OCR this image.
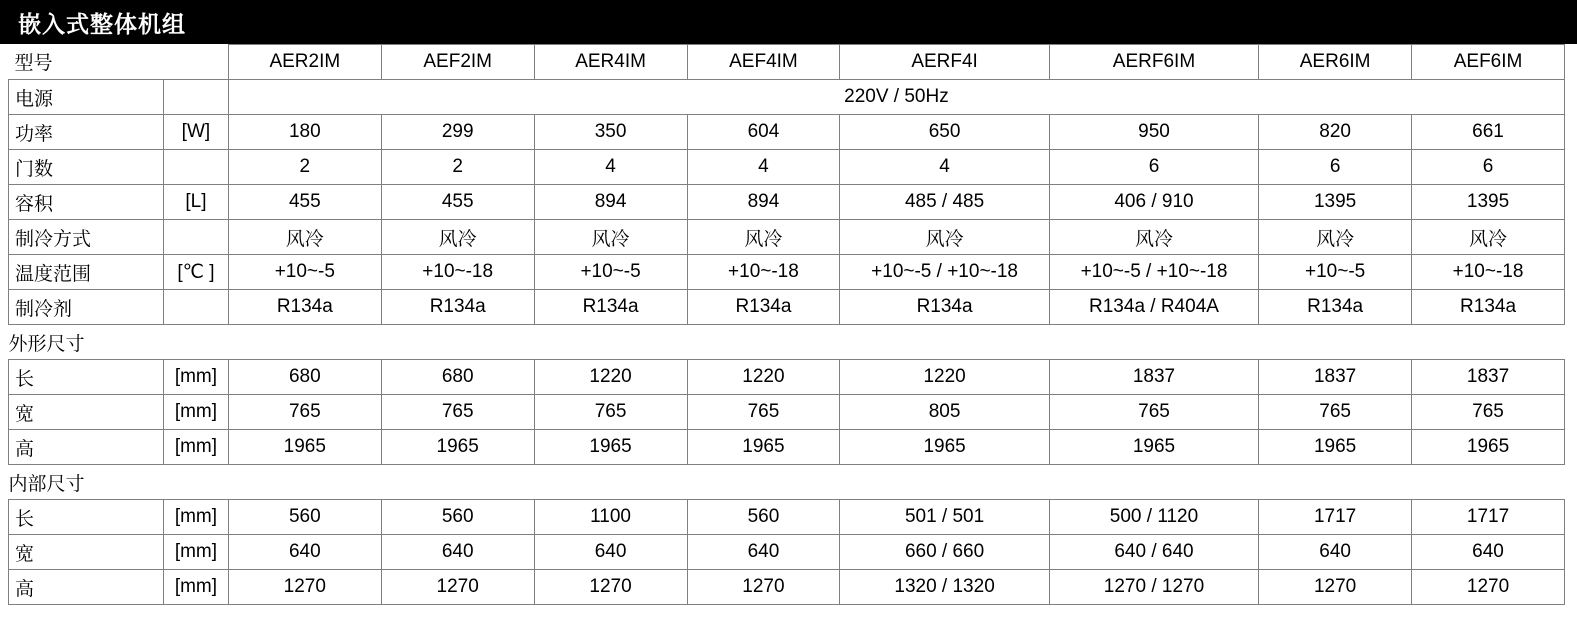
嵌入式整体机组
型号		AER2IM	AEF2IM	AER4IM	AEF4IM	AERF4I	AERF6IM	AER6IM	AEF6IM
电源		220V / 50Hz							
功率	[W]	180	299	350	604	650	950	820	661
门数		2	2	4	4	4	6	6	6
容积	[L]	455	455	894	894	485 / 485	406 / 910	1395	1395
制冷方式		风冷	风冷	风冷	风冷	风冷	风冷	风冷	风冷
温度范围	[℃ ]	+10~-5	+10~-18	+10~-5	+10~-18	+10~-5 / +10~-18	+10~-5 / +10~-18	+10~-5	+10~-18
制冷剂		R134a	R134a	R134a	R134a	R134a	R134a / R404A	R134a	R134a
外形尺寸									
长	[mm]	680	680	1220	1220	1220	1837	1837	1837
宽	[mm]	765	765	765	765	805	765	765	765
高	[mm]	1965	1965	1965	1965	1965	1965	1965	1965
内部尺寸									
长	[mm]	560	560	1100	560	501 / 501	500 / 1120	1717	1717
宽	[mm]	640	640	640	640	660 / 660	640 / 640	640	640
高	[mm]	1270	1270	1270	1270	1320 / 1320	1270 / 1270	1270	1270
